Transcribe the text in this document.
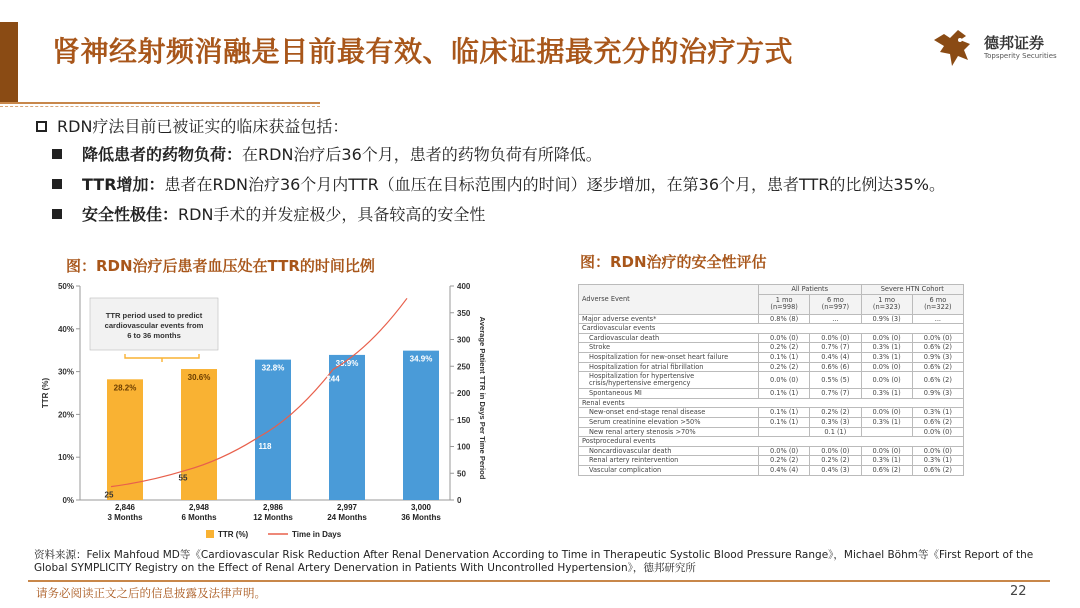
肾神经射频消融是目前最有效、临床证据最充分的治疗方式	德邦证券
Topsperity Securities
RDN疗法目前已被证实的临床获益包括：
降低患者的药物负荷：在RDN治疗后36个月，患者的药物负荷有所降低。
TTR增加：患者在RDN治疗36个月内TTR（血压在目标范围内的时间）逐步增加，在第36个月，患者TTR的比例达35%。
安全性极佳：RDN手术的并发症极少，具备较高的安全性
图：RDN治疗后患者血压处在TTR的时间比例	图：RDN治疗的安全性评估
0%
10%
20%
30%
40%
50%
0
50
100
150
200
250
300
350
400
TTR (%)	Average Patient TTR in Days Per Time Period
28.2%
2,846
3 Months
30.6%
2,948
6 Months
32.8%
2,986
12 Months
33.9%
2,997
24 Months
34.9%
3,000
36 Months
25
55
118
244
377
TTR period used to predict
cardiovascular events from
6 to 36 months
TTR (%)	Time in Days
Adverse Event	All Patients		Severe HTN Cohort	
	1 mo (n=998)	6 mo (n=997)	1 mo (n=323)	6 mo (n=322)
Major adverse events*	0.8% (8)	...	0.9% (3)	...
Cardiovascular events				
Cardiovascular death	0.0% (0)	0.0% (0)	0.0% (0)	0.0% (0)
Stroke	0.2% (2)	0.7% (7)	0.3% (1)	0.6% (2)
Hospitalization for new-onset heart failure	0.1% (1)	0.4% (4)	0.3% (1)	0.9% (3)
Hospitalization for atrial fibrillation	0.2% (2)	0.6% (6)	0.0% (0)	0.6% (2)
Hospitalization for hypertensive crisis/hypertensive emergency	0.0% (0)	0.5% (5)	0.0% (0)	0.6% (2)
Spontaneous MI	0.1% (1)	0.7% (7)	0.3% (1)	0.9% (3)
Renal events				
New-onset end-stage renal disease	0.1% (1)	0.2% (2)	0.0% (0)	0.3% (1)
Serum creatinine elevation >50%	0.1% (1)	0.3% (3)	0.3% (1)	0.6% (2)
New renal artery stenosis >70%		0.1 (1)		0.0% (0)
Postprocedural events				
Noncardiovascular death	0.0% (0)	0.0% (0)	0.0% (0)	0.0% (0)
Renal artery reintervention	0.2% (2)	0.2% (2)	0.3% (1)	0.3% (1)
Vascular complication	0.4% (4)	0.4% (3)	0.6% (2)	0.6% (2)
资料来源：Felix Mahfoud MD等《Cardiovascular Risk Reduction After Renal Denervation According to Time in Therapeutic Systolic Blood Pressure Range》，Michael Böhm等《First Report of the Global SYMPLICITY Registry on the Effect of Renal Artery Denervation in Patients With Uncontrolled Hypertension》，德邦研究所
请务必阅读正文之后的信息披露及法律声明。	22
